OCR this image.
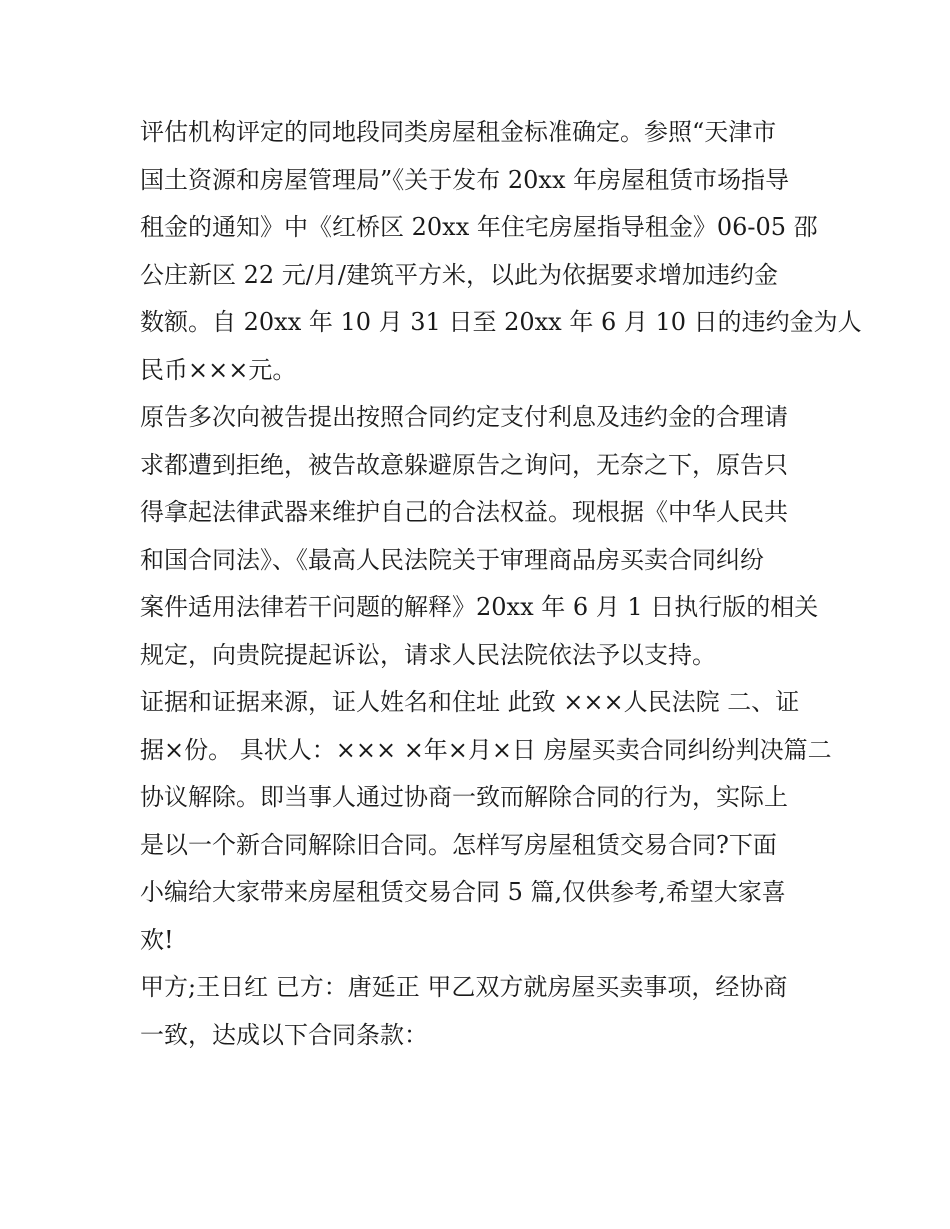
评估机构评定的同地段同类房屋租金标准确定。参照“天津市
国土资源和房屋管理局”《关于发布 20xx 年房屋租赁市场指导
租金的通知》中《红桥区 20xx 年住宅房屋指导租金》06-05 邵
公庄新区 22 元/月/建筑平方米，以此为依据要求增加违约金
数额。自 20xx 年 10 月 31 日至 20xx 年 6 月 10 日的违约金为人
民币×××元。
原告多次向被告提出按照合同约定支付利息及违约金的合理请
求都遭到拒绝，被告故意躲避原告之询问，无奈之下，原告只
得拿起法律武器来维护自己的合法权益。现根据《中华人民共
和国合同法》、《最高人民法院关于审理商品房买卖合同纠纷
案件适用法律若干问题的解释》20xx 年 6 月 1 日执行版的相关
规定，向贵院提起诉讼，请求人民法院依法予以支持。
证据和证据来源，证人姓名和住址 此致 ×××人民法院 二、证
据×份。 具状人：××× ×年×月×日 房屋买卖合同纠纷判决篇二
协议解除。即当事人通过协商一致而解除合同的行为，实际上
是以一个新合同解除旧合同。怎样写房屋租赁交易合同?下面
小编给大家带来房屋租赁交易合同 5 篇,仅供参考,希望大家喜
欢!
甲方;王日红 已方：唐延正 甲乙双方就房屋买卖事项，经协商
一致，达成以下合同条款：
